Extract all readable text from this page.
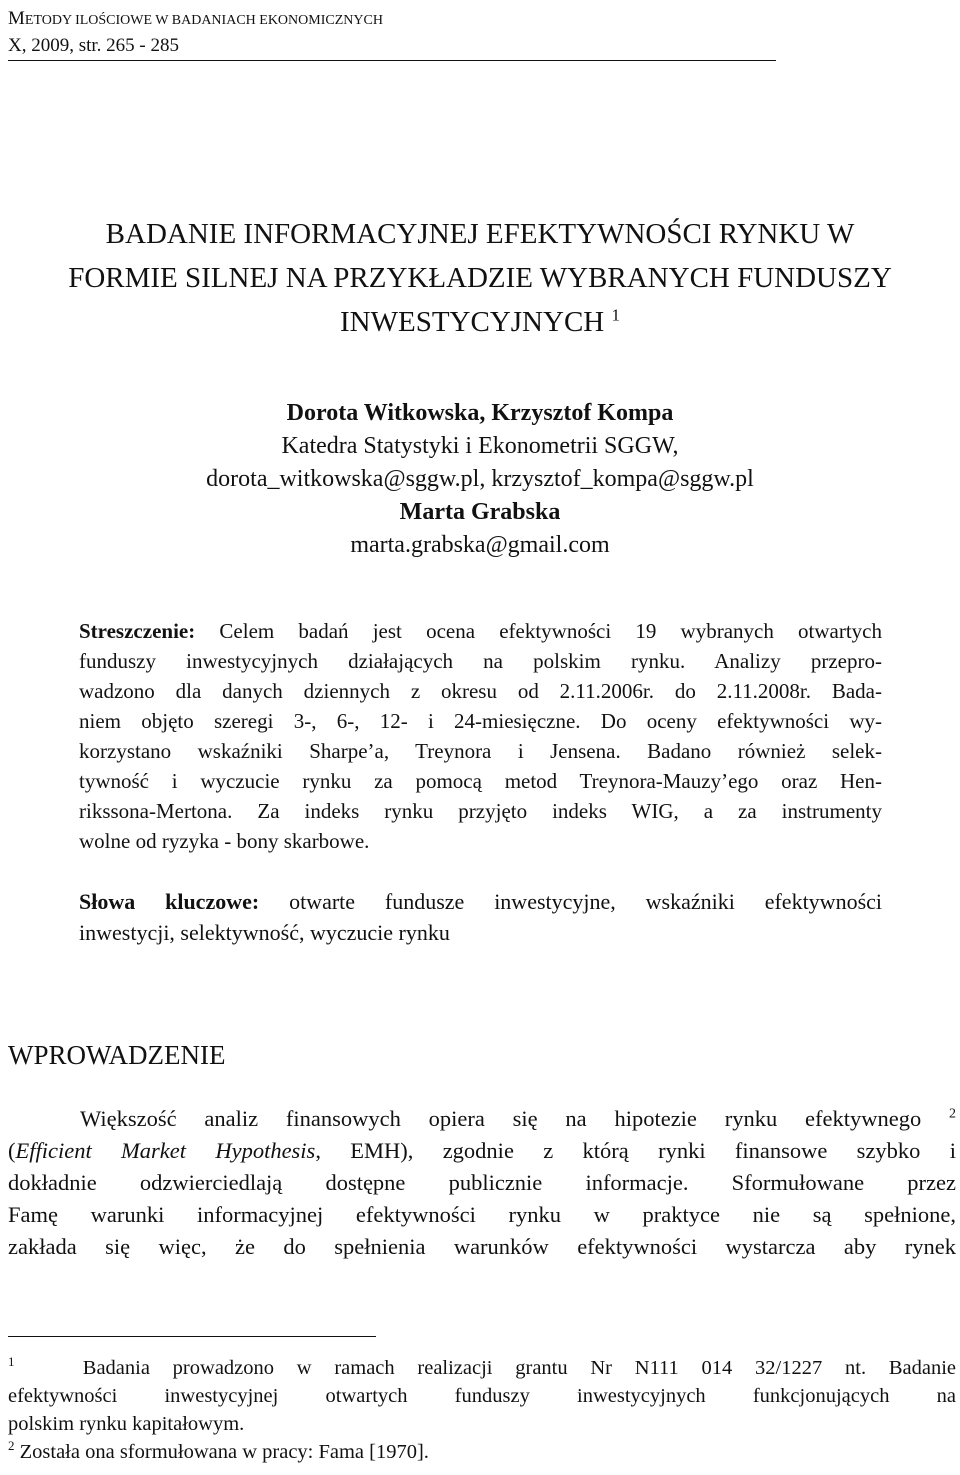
METODY ILOŚCIOWE W BADANIACH EKONOMICZNYCH
X, 2009, str. 265 - 285
BADANIE INFORMACYJNEJ EFEKTYWNOŚCI RYNKU W
FORMIE SILNEJ NA PRZYKŁADZIE WYBRANYCH FUNDUSZY
INWESTYCYJNYCH $^1$
Dorota Witkowska, Krzysztof Kompa
Katedra Statystyki i Ekonometrii SGGW,
dorota_witkowska@sggw.pl, krzysztof_kompa@sggw.pl
Marta Grabska
marta.grabska@gmail.com
Streszczenie: Celem badań jest ocena efektywności 19 wybranych otwartych
funduszy inwestycyjnych działających na polskim rynku. Analizy przepro-
wadzono dla danych dziennych z okresu od 2.11.2006r. do 2.11.2008r. Bada-
niem objęto szeregi 3-, 6-, 12- i 24-miesięczne. Do oceny efektywności wy-
korzystano wskaźniki Sharpe’a, Treynora i Jensena. Badano również selek-
tywność i wyczucie rynku za pomocą metod Treynora-Mauzy’ego oraz Hen-
rikssona-Mertona. Za indeks rynku przyjęto indeks WIG, a za instrumenty
wolne od ryzyka - bony skarbowe.
Słowa kluczowe: otwarte fundusze inwestycyjne, wskaźniki efektywności
inwestycji, selektywność, wyczucie rynku
WPROWADZENIE
Większość analiz finansowych opiera się na hipotezie rynku efektywnego $^2$
(Efficient Market Hypothesis, EMH), zgodnie z którą rynki finansowe szybko i
dokładnie odzwierciedlają dostępne publicznie informacje. Sformułowane przez
Famę warunki informacyjnej efektywności rynku w praktyce nie są spełnione,
zakłada się więc, że do spełnienia warunków efektywności wystarcza aby rynek
$^1$	Badania prowadzono w ramach realizacji grantu Nr N111 014 32/1227 nt. Badanie
efektywności inwestycyjnej otwartych funduszy inwestycyjnych funkcjonujących na
polskim rynku kapitałowym.
$^2$ Została ona sformułowana w pracy: Fama [1970].
